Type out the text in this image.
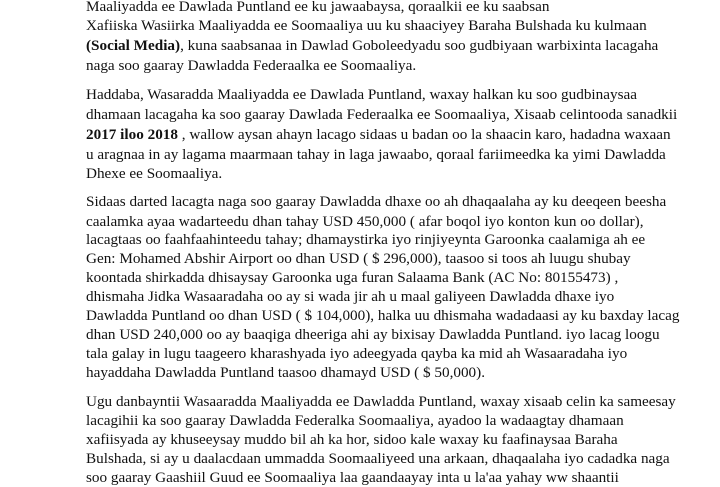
Maaliyadda ee Dawlada Puntland ee ku jawaabaysa, qoraalkii ee ku saabsan
Xafiiska Wasiirka Maaliyadda ee Soomaaliya uu ku shaaciyey Baraha Bulshada ku kulmaan
(Social Media), kuna saabsanaa in Dawlad Goboleedyadu soo gudbiyaan warbixinta lacagaha
naga soo gaaray Dawladda Federaalka ee Soomaaliya.
Haddaba, Wasaradda Maaliyadda ee Dawlada Puntland, waxay halkan ku soo gudbinaysaa
dhamaan lacagaha ka soo gaaray Dawlada Federaalka ee Soomaaliya, Xisaab celintooda sanadkii
2017 iloo 2018 , wallow aysan ahayn lacago sidaas u badan oo la shaacin karo, hadadna waxaan
u aragnaa in ay lagama maarmaan tahay in laga jawaabo, qoraal fariimeedka ka yimi Dawladda
Dhexe ee Soomaaliya.
Sidaas darted lacagta naga soo gaaray Dawladda dhaxe oo ah dhaqaalaha ay ku deeqeen beesha
caalamka ayaa wadarteedu dhan tahay USD 450,000 ( afar boqol iyo konton kun oo dollar),
lacagtaas oo faahfaahinteedu tahay; dhamaystirka iyo rinjiyeynta Garoonka caalamiga ah ee
Gen: Mohamed Abshir Airport oo dhan USD ( $ 296,000), taasoo si toos ah luugu shubay
koontada shirkadda dhisaysay Garoonka uga furan Salaama Bank (AC No: 80155473) ,
dhismaha Jidka Wasaaradaha oo ay si wada jir ah u maal galiyeen Dawladda dhaxe iyo
Dawladda Puntland oo dhan USD ( $ 104,000), halka uu dhismaha wadadaasi ay ku baxday lacag
dhan USD 240,000 oo ay baaqiga dheeriga ahi ay bixisay Dawladda Puntland. iyo lacag loogu
tala galay in lugu taageero kharashyada iyo adeegyada qayba ka mid ah Wasaaradaha iyo
hayaddaha Dawladda Puntland taasoo dhamayd USD ( $ 50,000).
Ugu danbayntii Wasaaradda Maaliyadda ee Dawladda Puntland, waxay xisaab celin ka sameesay
lacagihii ka soo gaaray Dawladda Federalka Soomaaliya, ayadoo la wadaagtay dhamaan
xafiisyada ay khuseeysay muddo bil ah ka hor, sidoo kale waxay ku faafinaysaa Baraha
Bulshada, si ay u daalacdaan ummadda Soomaaliyeed una arkaan, dhaqaalaha iyo cadadka naga
soo gaaray Gaashiil Guud ee Soomaaliya laa gaandaayay inta u la'aa yahay ww shaantii
